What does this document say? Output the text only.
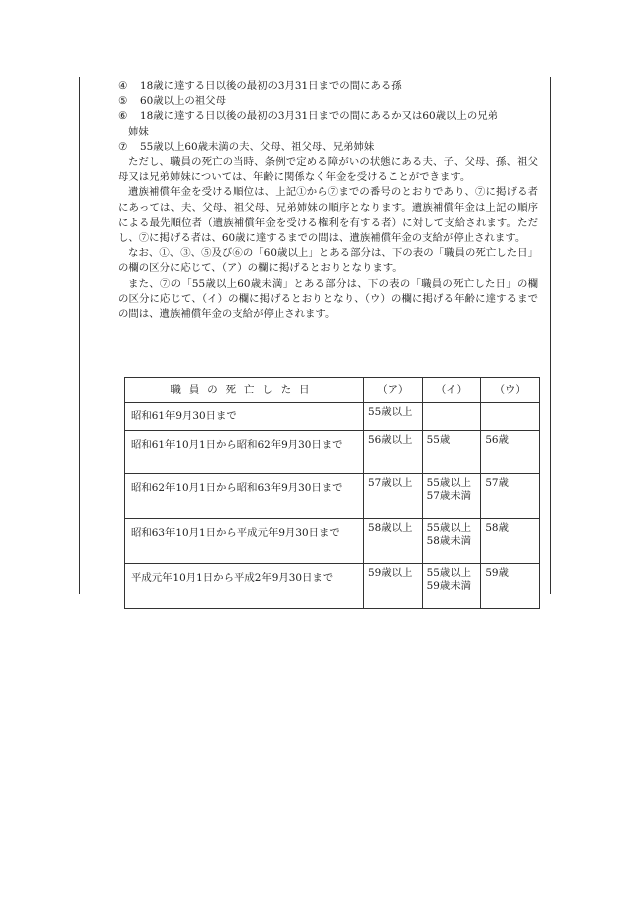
④	18歳に達する日以後の最初の3月31日までの間にある孫
⑤	60歳以上の祖父母
⑥	18歳に達する日以後の最初の3月31日までの間にあるか又は60歳以上の兄弟
姉妹
⑦	55歳以上60歳未満の夫、父母、祖父母、兄弟姉妹

ただし、職員の死亡の当時、条例で定める障がいの状態にある夫、子、父母、孫、祖父母又は兄弟姉妹については、年齢に関係なく年金を受けることができます。

遺族補償年金を受ける順位は、上記①から⑦までの番号のとおりであり、⑦に掲げる者にあっては、夫、父母、祖父母、兄弟姉妹の順序となります。遺族補償年金は上記の順序による最先順位者（遺族補償年金を受ける権利を有する者）に対して支給されます。ただし、⑦に掲げる者は、60歳に達するまでの間は、遺族補償年金の支給が停止されます。

なお、①、③、⑤及び⑥の「60歳以上」とある部分は、下の表の「職員の死亡した日」の欄の区分に応じて、（ア）の欄に掲げるとおりとなります。

また、⑦の「55歳以上60歳未満」とある部分は、下の表の「職員の死亡した日」の欄の区分に応じて、（イ）の欄に掲げるとおりとなり、（ウ）の欄に掲げる年齢に達するまでの間は、遺族補償年金の支給が停止されます。

職員の死亡した日	（ア）	（イ）	（ウ）
昭和61年9月30日まで	55歳以上	

昭和61年10月1日から昭和62年9月30日まで	56歳以上	55歳	56歳
昭和62年10月1日から昭和63年9月30日まで	57歳以上	55歳以上
57歳未満	57歳
昭和63年10月1日から平成元年9月30日まで	58歳以上	55歳以上
58歳未満	58歳
平成元年10月1日から平成2年9月30日まで	59歳以上	55歳以上
59歳未満	59歳
